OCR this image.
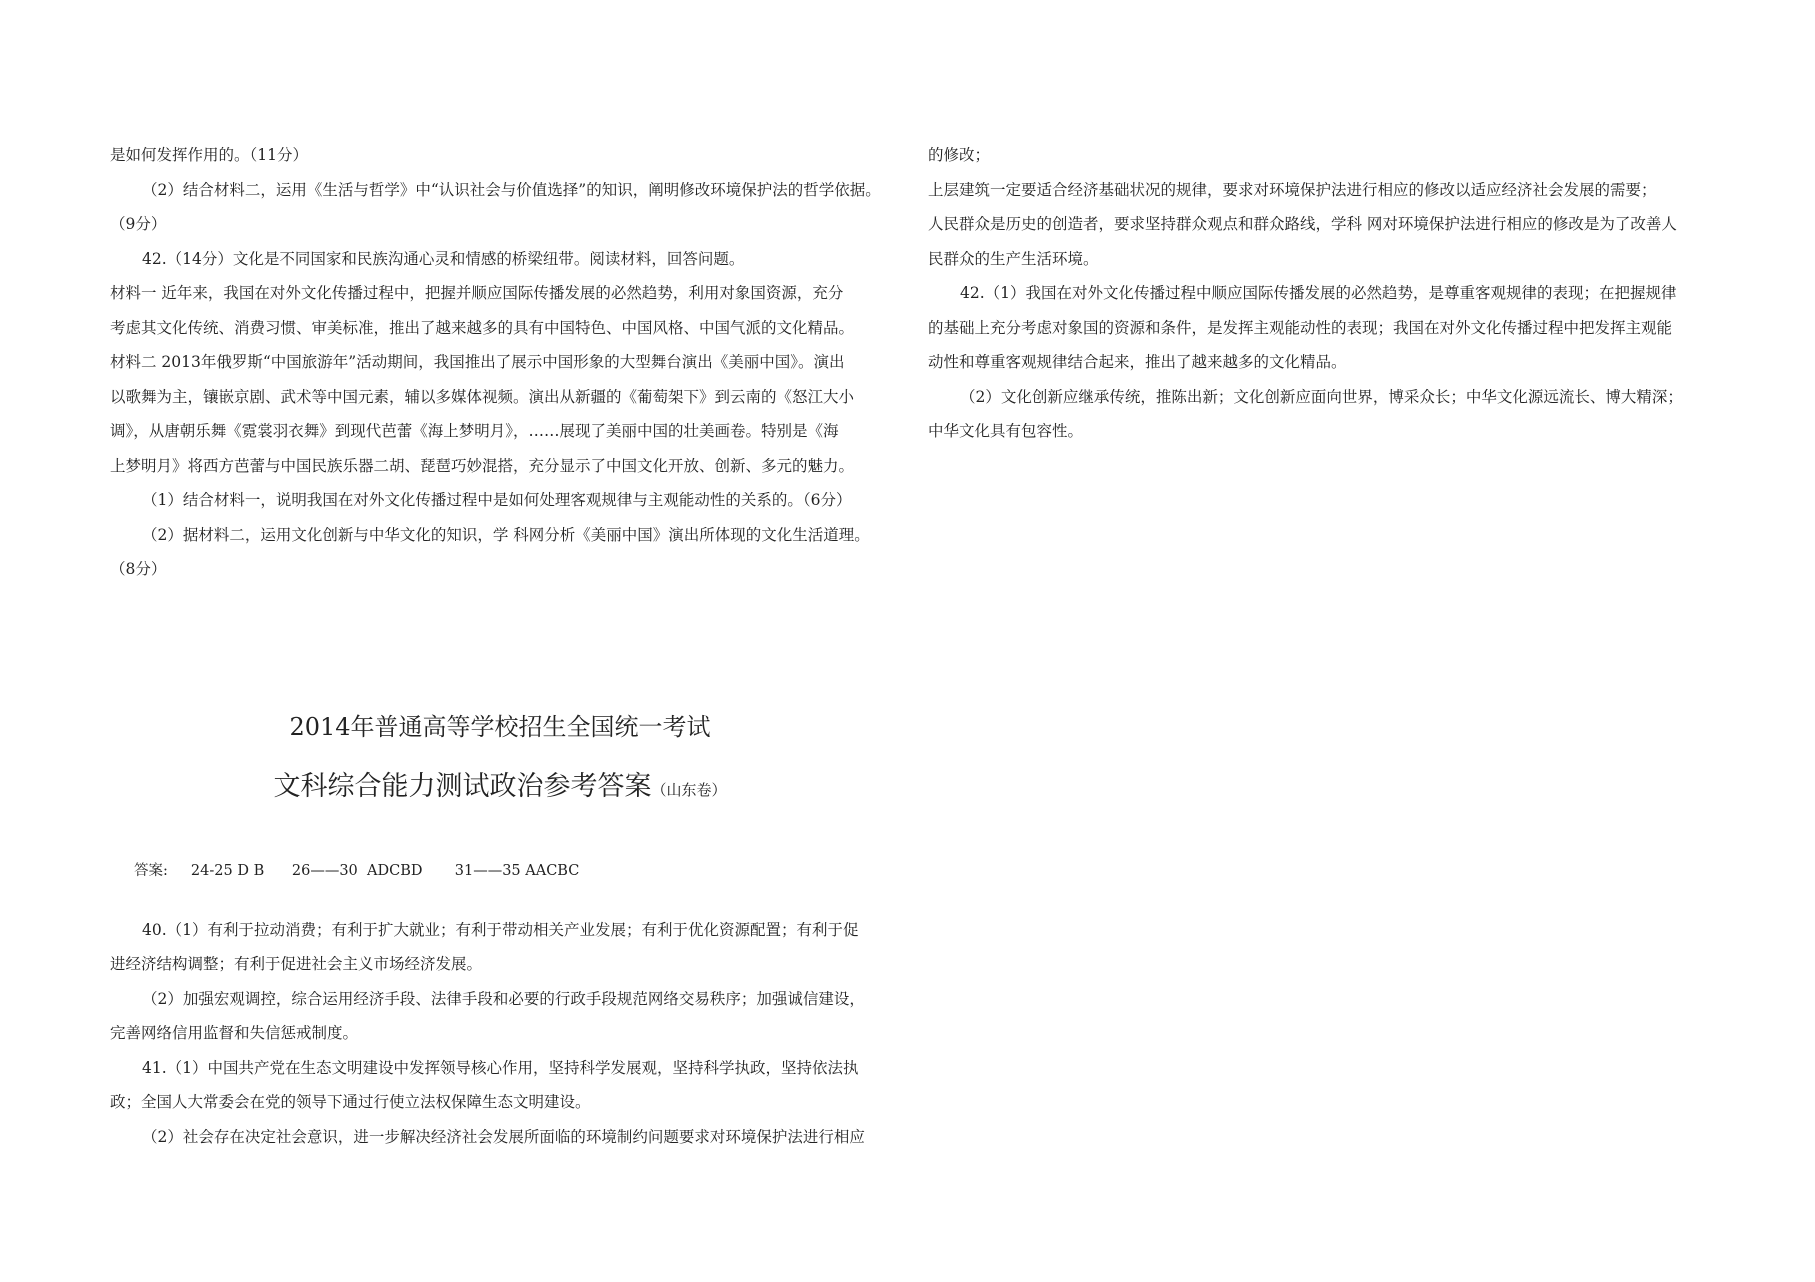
是如何发挥作用的。（11分）
（2）结合材料二，运用《生活与哲学》中“认识社会与价值选择”的知识，阐明修改环境保护法的哲学依据。
（9分）
42.（14分）文化是不同国家和民族沟通心灵和情感的桥梁纽带。阅读材料，回答问题。
材料一 近年来，我国在对外文化传播过程中，把握并顺应国际传播发展的必然趋势，利用对象国资源，充分
考虑其文化传统、消费习惯、审美标准，推出了越来越多的具有中国特色、中国风格、中国气派的文化精品。
材料二 2013年俄罗斯“中国旅游年”活动期间，我国推出了展示中国形象的大型舞台演出《美丽中国》。演出
以歌舞为主，镶嵌京剧、武术等中国元素，辅以多媒体视频。演出从新疆的《葡萄架下》到云南的《怒江大小
调》，从唐朝乐舞《霓裳羽衣舞》到现代芭蕾《海上梦明月》，……展现了美丽中国的壮美画卷。特别是《海
上梦明月》将西方芭蕾与中国民族乐器二胡、琵琶巧妙混搭，充分显示了中国文化开放、创新、多元的魅力。
（1）结合材料一，说明我国在对外文化传播过程中是如何处理客观规律与主观能动性的关系的。（6分）
（2）据材料二，运用文化创新与中华文化的知识，学 科网分析《美丽中国》演出所体现的文化生活道理。
（8分）
2014年普通高等学校招生全国统一考试
文科综合能力测试政治参考答案（山东卷）
答案:     24-25 D B      26——30  ADCBD       31——35 AACBC
40.（1）有利于拉动消费；有利于扩大就业；有利于带动相关产业发展；有利于优化资源配置；有利于促
进经济结构调整；有利于促进社会主义市场经济发展。
（2）加强宏观调控，综合运用经济手段、法律手段和必要的行政手段规范网络交易秩序；加强诚信建设，
完善网络信用监督和失信惩戒制度。
41.（1）中国共产党在生态文明建设中发挥领导核心作用，坚持科学发展观，坚持科学执政，坚持依法执
政；全国人大常委会在党的领导下通过行使立法权保障生态文明建设。
（2）社会存在决定社会意识，进一步解决经济社会发展所面临的环境制约问题要求对环境保护法进行相应
的修改；
上层建筑一定要适合经济基础状况的规律，要求对环境保护法进行相应的修改以适应经济社会发展的需要；
人民群众是历史的创造者，要求坚持群众观点和群众路线，学科 网对环境保护法进行相应的修改是为了改善人
民群众的生产生活环境。
42.（1）我国在对外文化传播过程中顺应国际传播发展的必然趋势，是尊重客观规律的表现；在把握规律
的基础上充分考虑对象国的资源和条件，是发挥主观能动性的表现；我国在对外文化传播过程中把发挥主观能
动性和尊重客观规律结合起来，推出了越来越多的文化精品。
（2）文化创新应继承传统，推陈出新；文化创新应面向世界，博采众长；中华文化源远流长、博大精深；
中华文化具有包容性。
